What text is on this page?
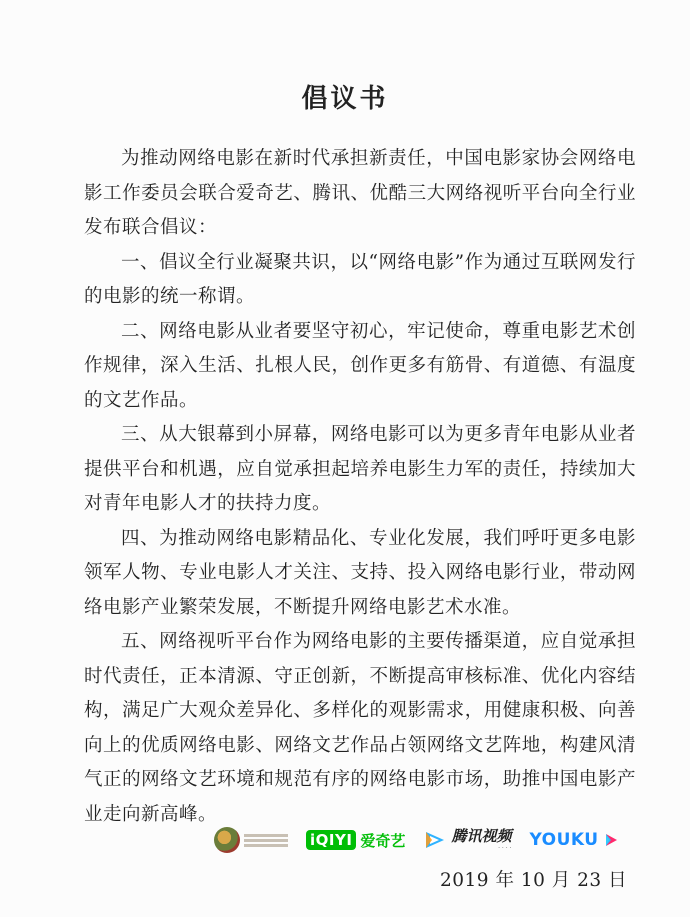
倡议书

为推动网络电影在新时代承担新责任，中国电影家协会网络电影工作委员会联合爱奇艺、腾讯、优酷三大网络视听平台向全行业发布联合倡议：

一、倡议全行业凝聚共识，以“网络电影”作为通过互联网发行的电影的统一称谓。

二、网络电影从业者要坚守初心，牢记使命，尊重电影艺术创作规律，深入生活、扎根人民，创作更多有筋骨、有道德、有温度的文艺作品。

三、从大银幕到小屏幕，网络电影可以为更多青年电影从业者提供平台和机遇，应自觉承担起培养电影生力军的责任，持续加大对青年电影人才的扶持力度。

四、为推动网络电影精品化、专业化发展，我们呼吁更多电影领军人物、专业电影人才关注、支持、投入网络电影行业，带动网络电影产业繁荣发展，不断提升网络电影艺术水准。

五、网络视听平台作为网络电影的主要传播渠道，应自觉承担时代责任，正本清源、守正创新，不断提高审核标准、优化内容结构，满足广大观众差异化、多样化的观影需求，用健康积极、向善向上的优质网络电影、网络文艺作品占领网络文艺阵地，构建风清气正的网络文艺环境和规范有序的网络电影市场，助推中国电影产业走向新高峰。

iQIYI 爱奇艺	腾讯视频
· · · · YOUKU
2019 年 10 月 23 日
